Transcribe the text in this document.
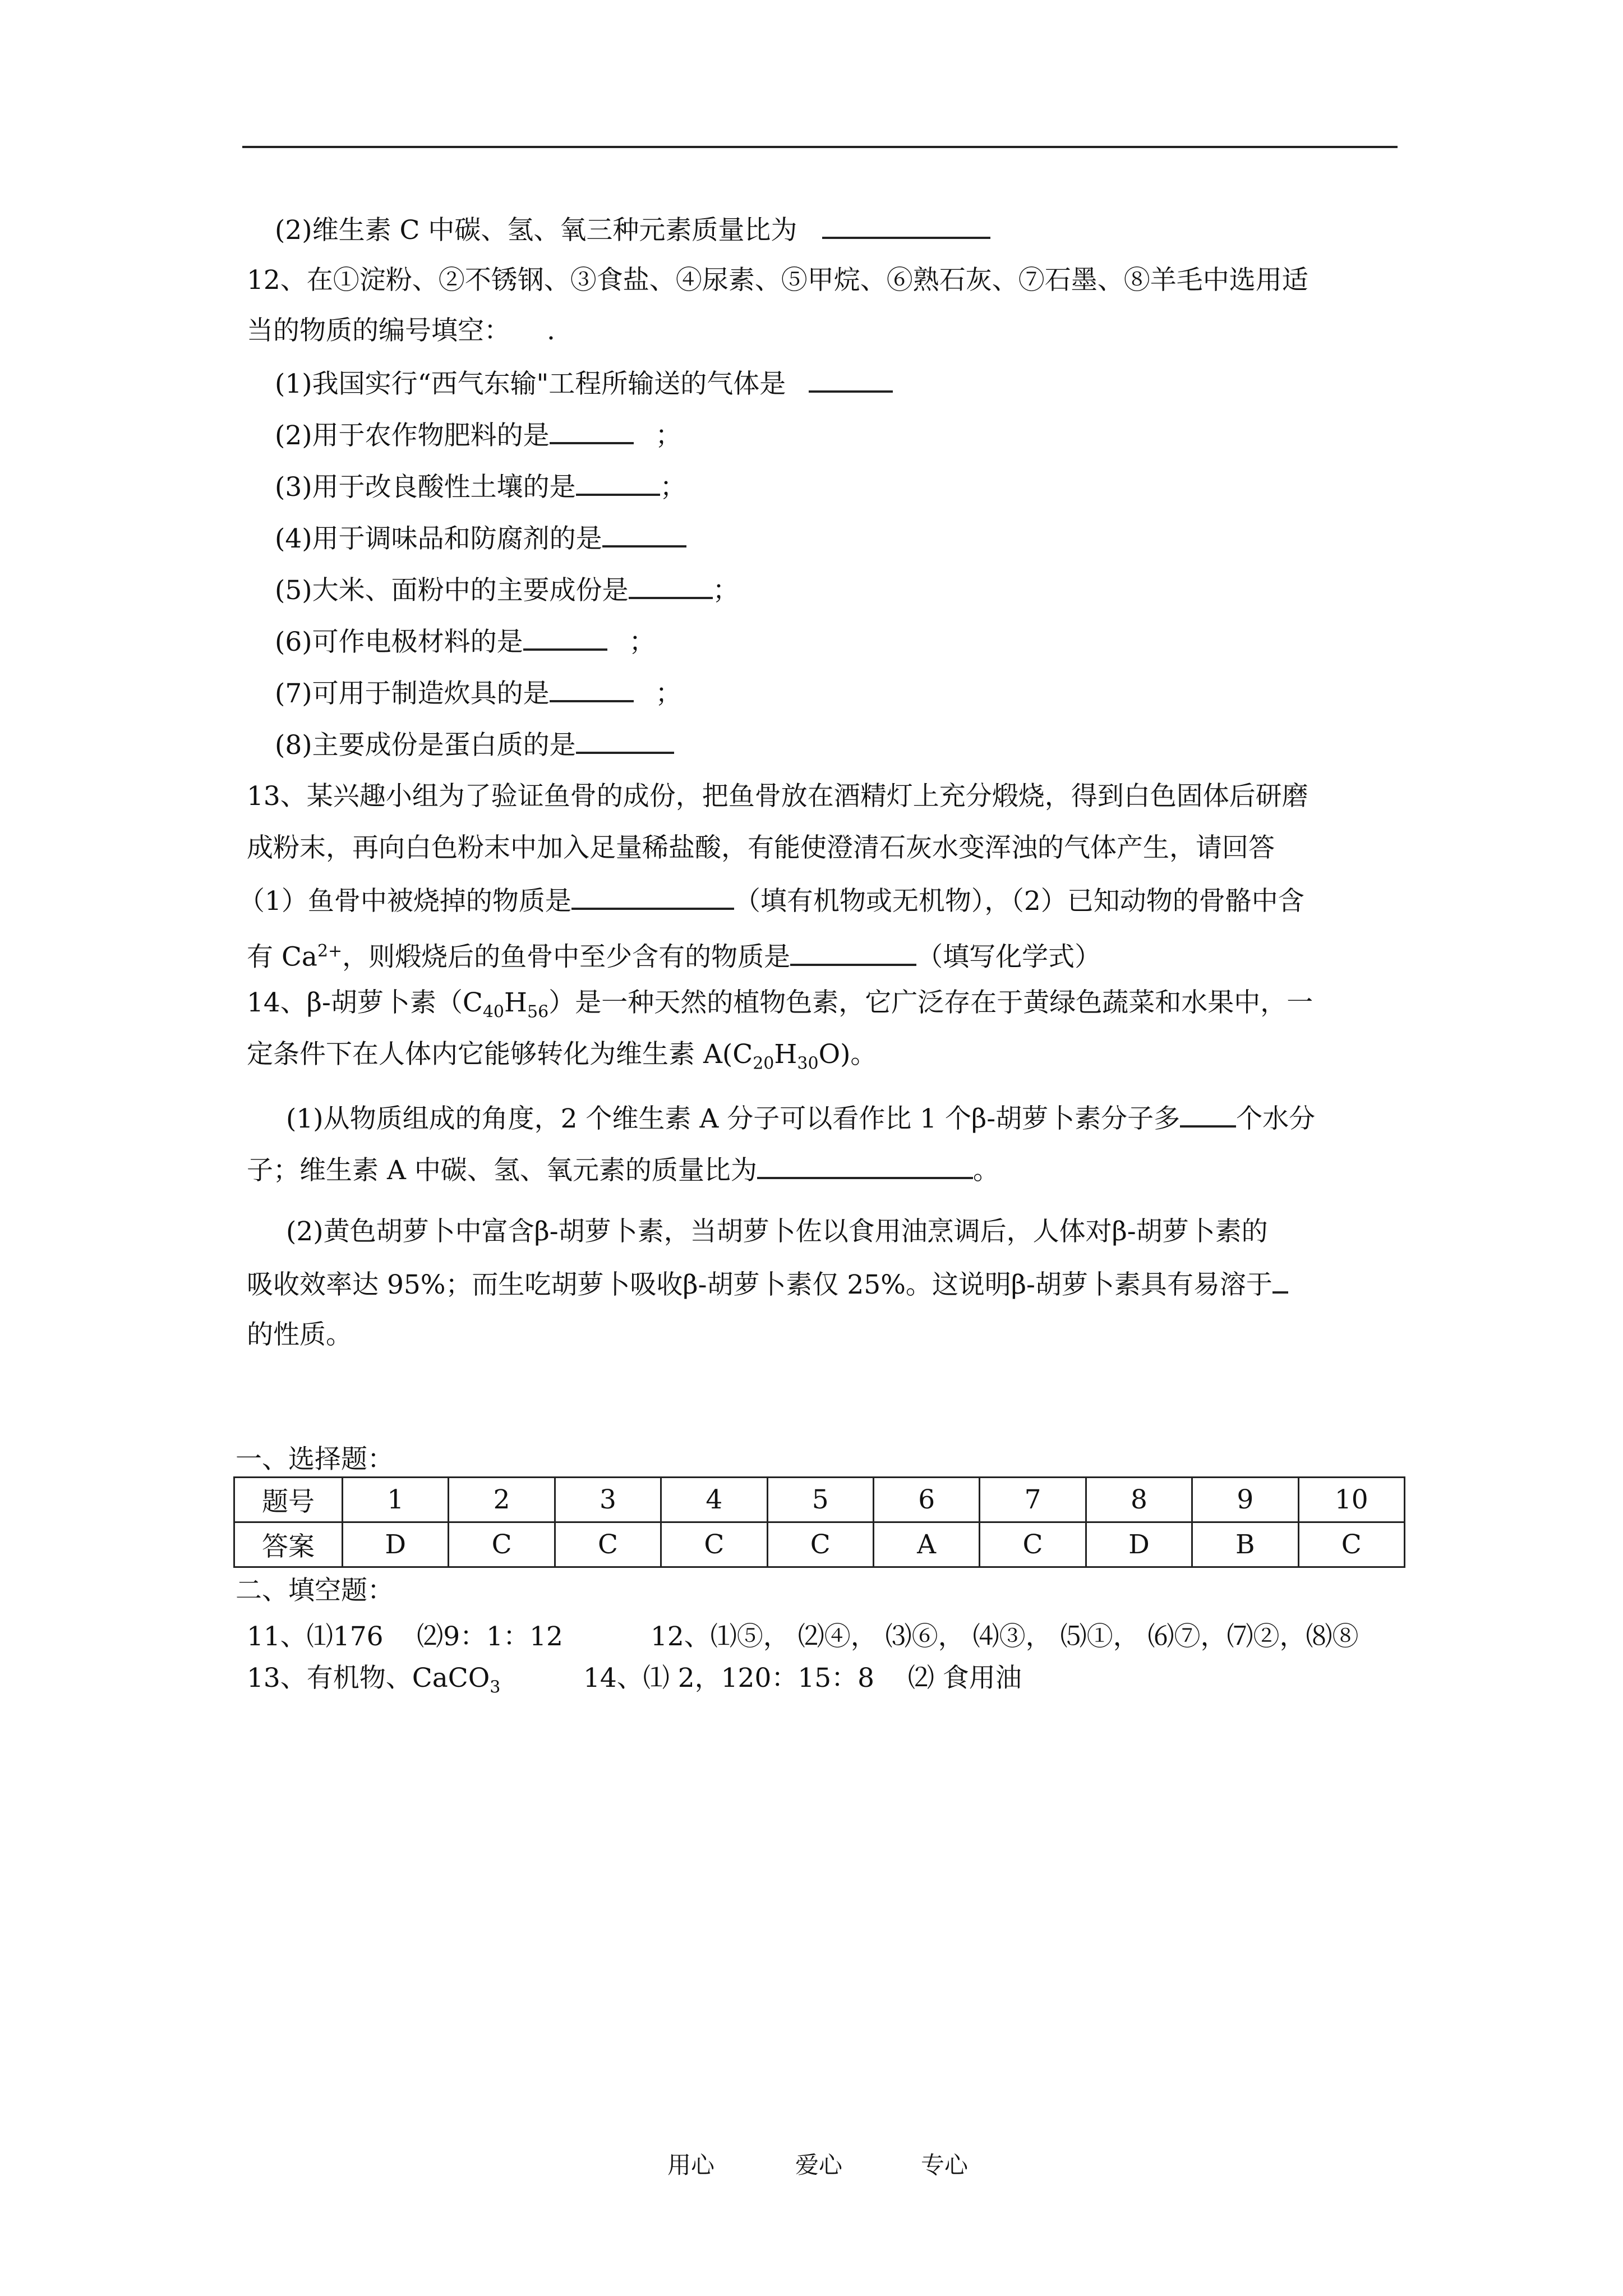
(2)维生素 C 中碳、氢、氧三种元素质量比为
12、在①淀粉、②不锈钢、③食盐、④尿素、⑤甲烷、⑥熟石灰、⑦石墨、⑧羊毛中选用适
当的物质的编号填空： .
(1)我国实行“西气东输"工程所输送的气体是
(2)用于农作物肥料的是	；
(3)用于改良酸性土壤的是	；
(4)用于调味品和防腐剂的是
(5)大米、面粉中的主要成份是	；
(6)可作电极材料的是	；
(7)可用于制造炊具的是	；
(8)主要成份是蛋白质的是
13、某兴趣小组为了验证鱼骨的成份，把鱼骨放在酒精灯上充分煅烧，得到白色固体后研磨
成粉末，再向白色粉末中加入足量稀盐酸，有能使澄清石灰水变浑浊的气体产生，请回答
（1）鱼骨中被烧掉的物质是	（填有机物或无机物），（2）已知动物的骨骼中含
有 $Ca^{2+}$，则煅烧后的鱼骨中至少含有的物质是	（填写化学式）
14、β-胡萝卜素$(C_{40}H_{56})$是一种天然的植物色素，它广泛存在于黄绿色蔬菜和水果中，一
定条件下在人体内它能够转化为维生素 $A(C_{20}H_{30}O)$。
(1)从物质组成的角度，2 个维生素 A 分子可以看作比 1 个β-胡萝卜素分子多 个水分
子；维生素 A 中碳、氢、氧元素的质量比为	。
(2)黄色胡萝卜中富含β-胡萝卜素，当胡萝卜佐以食用油烹调后，人体对β-胡萝卜素的
吸收效率达 95%；而生吃胡萝卜吸收β-胡萝卜素仅 25%。这说明β-胡萝卜素具有易溶于
的性质。
一、选择题：
题号	1	2	3	4	5	6	7	8	9	10
答案	D	C	C	C	C	A	C	D	B	C
二、填空题：
11、⑴176    ⑵9：1：12	12、⑴⑤， ⑵④， ⑶⑥， ⑷③， ⑸①， ⑹⑦，⑺②，⑻⑧
13、有机物、CaCO$_3$	14、⑴ 2，120：15：8    ⑵ 食用油
用心	爱心	专心
